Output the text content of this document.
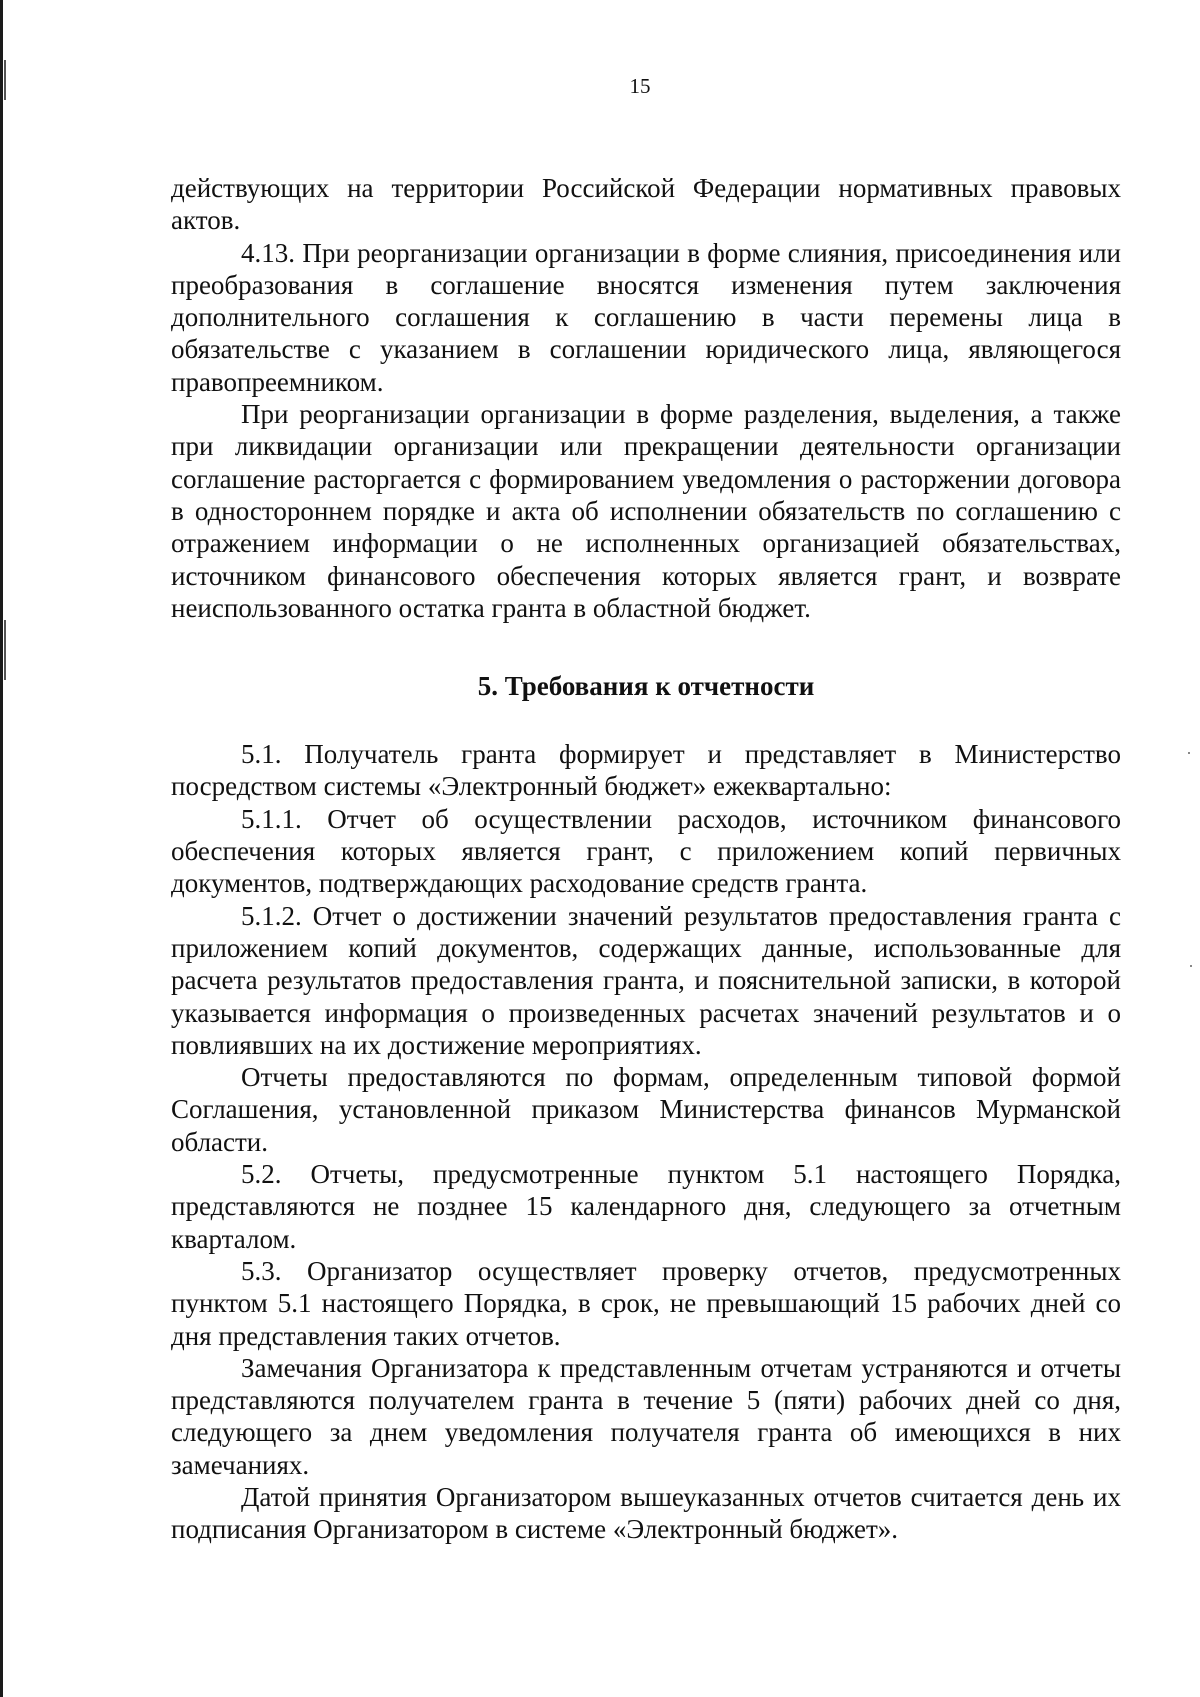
15

действующих на территории Российской Федерации нормативных правовых актов.

4.13. При реорганизации организации в форме слияния, присоединения или преобразования в соглашение вносятся изменения путем заключения дополнительного соглашения к соглашению в части перемены лица в обязательстве с указанием в соглашении юридического лица, являющегося правопреемником.

При реорганизации организации в форме разделения, выделения, а также при ликвидации организации или прекращении деятельности организации соглашение расторгается с формированием уведомления о расторжении договора в одностороннем порядке и акта об исполнении обязательств по соглашению с отражением информации о не исполненных организацией обязательствах, источником финансового обеспечения которых является грант, и возврате неиспользованного остатка гранта в областной бюджет.

5. Требования к отчетности

5.1. Получатель гранта формирует и представляет в Министерство посредством системы «Электронный бюджет» ежеквартально:

5.1.1. Отчет об осуществлении расходов, источником финансового обеспечения которых является грант, с приложением копий первичных документов, подтверждающих расходование средств гранта.

5.1.2. Отчет о достижении значений результатов предоставления гранта с приложением копий документов, содержащих данные, использованные для расчета результатов предоставления гранта, и пояснительной записки, в которой указывается информация о произведенных расчетах значений результатов и о повлиявших на их достижение мероприятиях.

Отчеты предоставляются по формам, определенным типовой формой Соглашения, установленной приказом Министерства финансов Мурманской области.

5.2. Отчеты, предусмотренные пунктом 5.1 настоящего Порядка, представляются не позднее 15 календарного дня, следующего за отчетным кварталом.

5.3. Организатор осуществляет проверку отчетов, предусмотренных пунктом 5.1 настоящего Порядка, в срок, не превышающий 15 рабочих дней со дня представления таких отчетов.

Замечания Организатора к представленным отчетам устраняются и отчеты представляются получателем гранта в течение 5 (пяти) рабочих дней со дня, следующего за днем уведомления получателя гранта об имеющихся в них замечаниях.

Датой принятия Организатором вышеуказанных отчетов считается день их подписания Организатором в системе «Электронный бюджет».
